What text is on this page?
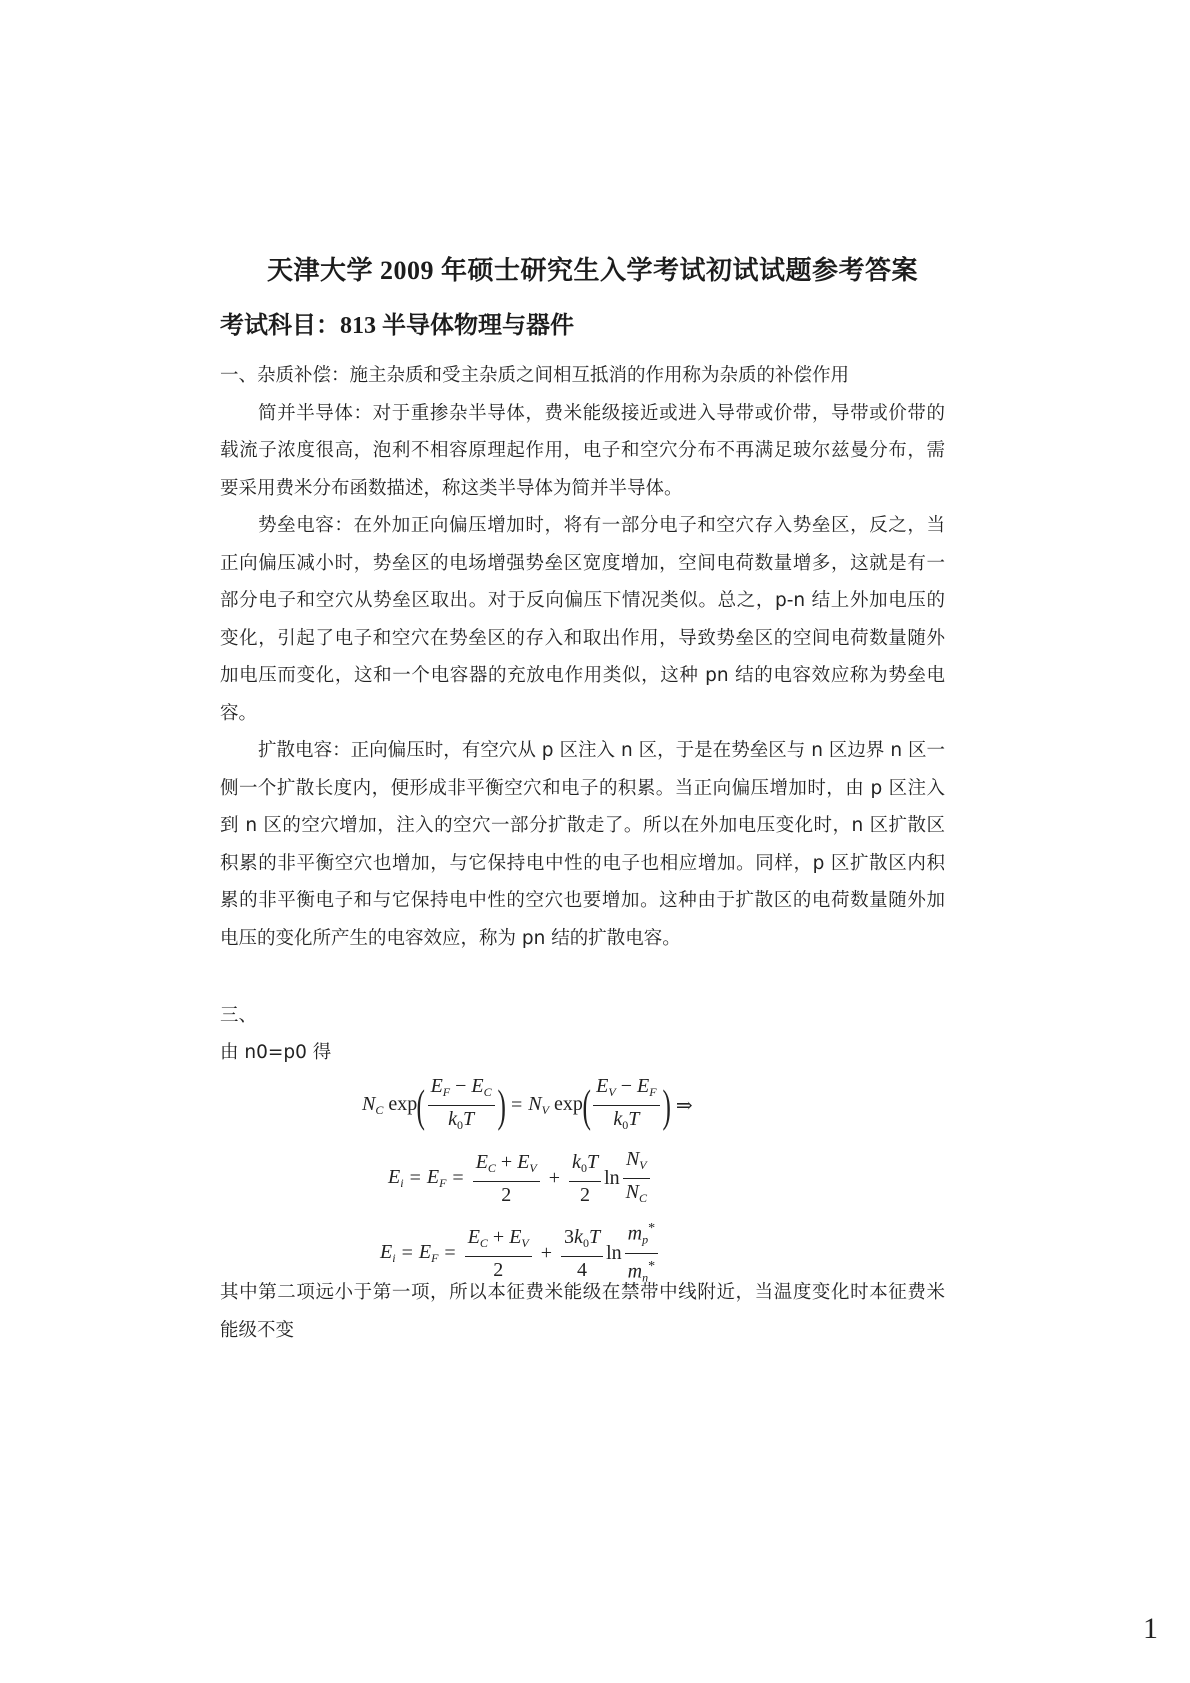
天津大学 2009 年硕士研究生入学考试初试试题参考答案
考试科目：813 半导体物理与器件
一、杂质补偿：施主杂质和受主杂质之间相互抵消的作用称为杂质的补偿作用
简并半导体：对于重掺杂半导体，费米能级接近或进入导带或价带，导带或价带的
载流子浓度很高，泡利不相容原理起作用，电子和空穴分布不再满足玻尔兹曼分布，需
要采用费米分布函数描述，称这类半导体为简并半导体。
势垒电容：在外加正向偏压增加时，将有一部分电子和空穴存入势垒区，反之，当
正向偏压减小时，势垒区的电场增强势垒区宽度增加，空间电荷数量增多，这就是有一
部分电子和空穴从势垒区取出。对于反向偏压下情况类似。总之，p-n 结上外加电压的
变化，引起了电子和空穴在势垒区的存入和取出作用，导致势垒区的空间电荷数量随外
加电压而变化，这和一个电容器的充放电作用类似，这种 pn 结的电容效应称为势垒电
容。
扩散电容：正向偏压时，有空穴从 p 区注入 n 区，于是在势垒区与 n 区边界 n 区一
侧一个扩散长度内，便形成非平衡空穴和电子的积累。当正向偏压增加时，由 p 区注入
到 n 区的空穴增加，注入的空穴一部分扩散走了。所以在外加电压变化时，n 区扩散区
积累的非平衡空穴也增加，与它保持电中性的电子也相应增加。同样，p 区扩散区内积
累的非平衡电子和与它保持电中性的空穴也要增加。这种由于扩散区的电荷数量随外加
电压的变化所产生的电容效应，称为 pn 结的扩散电容。
三、
由 n0=p0 得
$N_C$ exp ( $\frac{E_F - E_C}{k_0T}$ ) = $N_V$ exp ( $\frac{E_V - E_F}{k_0T}$ ) ⇒
$E_i = E_F = \frac{E_C + E_V}{2} + \frac{k_0T}{2}$ $\ln \frac{N_V}{N_C}$
$E_i = E_F = \frac{E_C + E_V}{2} + \frac{3k_0T}{4}$ $\ln \frac{m_p^*}{m_n^*}$
其中第二项远小于第一项，所以本征费米能级在禁带中线附近，当温度变化时本征费米
能级不变
1
